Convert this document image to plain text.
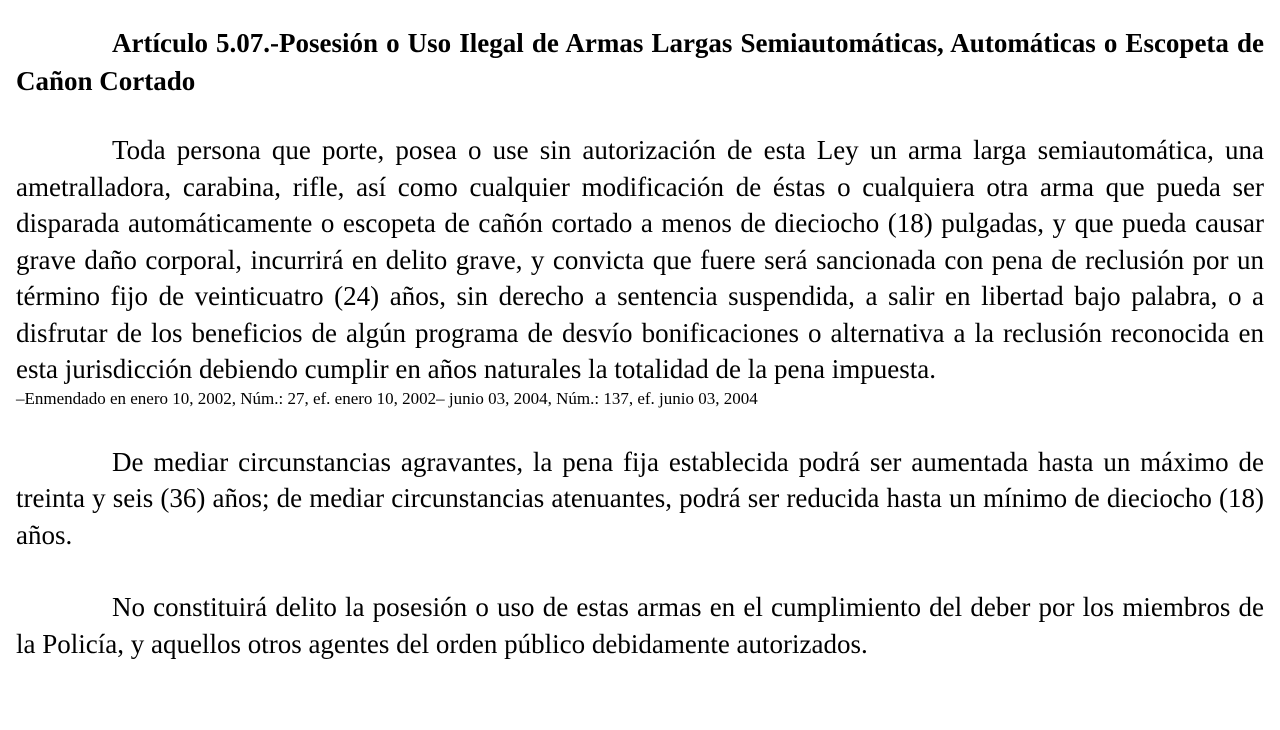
Artículo 5.07.-Posesión o Uso Ilegal de Armas Largas Semiautomáticas, Automáticas o Escopeta de Cañon Cortado

Toda persona que porte, posea o use sin autorización de esta Ley un arma larga semiautomática, una ametralladora, carabina, rifle, así como cualquier modificación de éstas o cualquiera otra arma que pueda ser disparada automáticamente o escopeta de cañón cortado a menos de dieciocho (18) pulgadas, y que pueda causar grave daño corporal, incurrirá en delito grave, y convicta que fuere será sancionada con pena de reclusión por un término fijo de veinticuatro (24) años, sin derecho a sentencia suspendida, a salir en libertad bajo palabra, o a disfrutar de los beneficios de algún programa de desvío bonificaciones o alternativa a la reclusión reconocida en esta jurisdicción debiendo cumplir en años naturales la totalidad de la pena impuesta.

–Enmendado en enero 10, 2002, Núm.: 27, ef. enero 10, 2002– junio 03, 2004, Núm.: 137, ef. junio 03, 2004

De mediar circunstancias agravantes, la pena fija establecida podrá ser aumentada hasta un máximo de treinta y seis (36) años; de mediar circunstancias atenuantes, podrá ser reducida hasta un mínimo de dieciocho (18) años.

No constituirá delito la posesión o uso de estas armas en el cumplimiento del deber por los miembros de la Policía, y aquellos otros agentes del orden público debidamente autorizados.
